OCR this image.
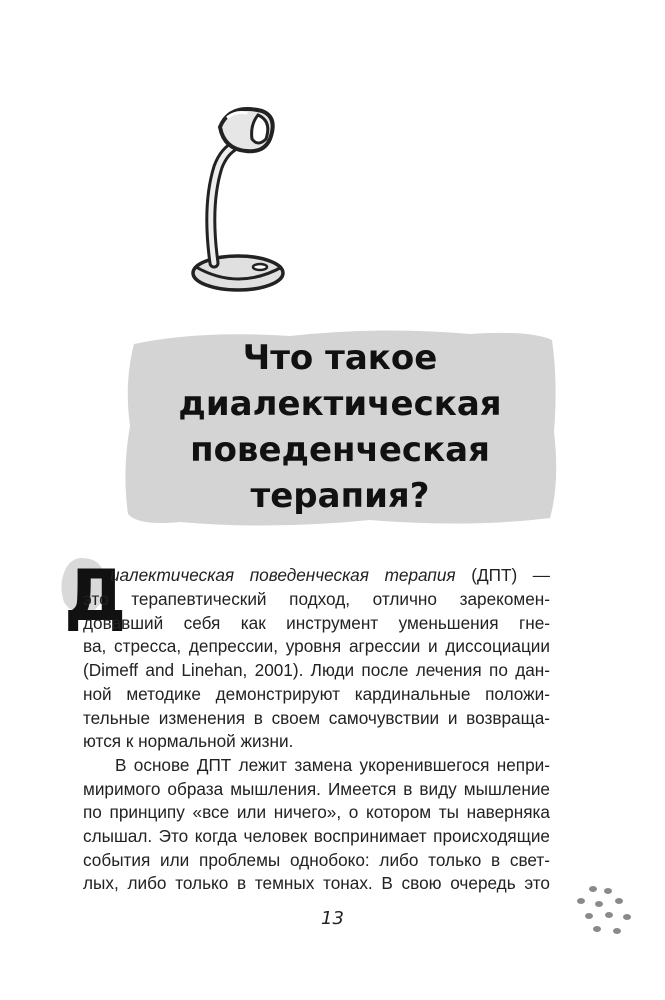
Что такое
диалектическая
поведенческая
терапия?
Д
иалектическая поведенческая терапия (ДПТ) —
это терапевтический подход, отлично зарекомен-
довавший себя как инструмент уменьшения гне-
ва, стресса, депрессии, уровня агрессии и диссоциации
(Dimeff and Linehan, 2001). Люди после лечения по дан-
ной методике демонстрируют кардинальные положи-
тельные изменения в своем самочувствии и возвраща-
ются к нормальной жизни.
В основе ДПТ лежит замена укоренившегося непри-
миримого образа мышления. Имеется в виду мышление
по принципу «все или ничего», о котором ты наверняка
слышал. Это когда человек воспринимает происходящие
события или проблемы однобоко: либо только в свет-
лых, либо только в темных тонах. В свою очередь это
13
